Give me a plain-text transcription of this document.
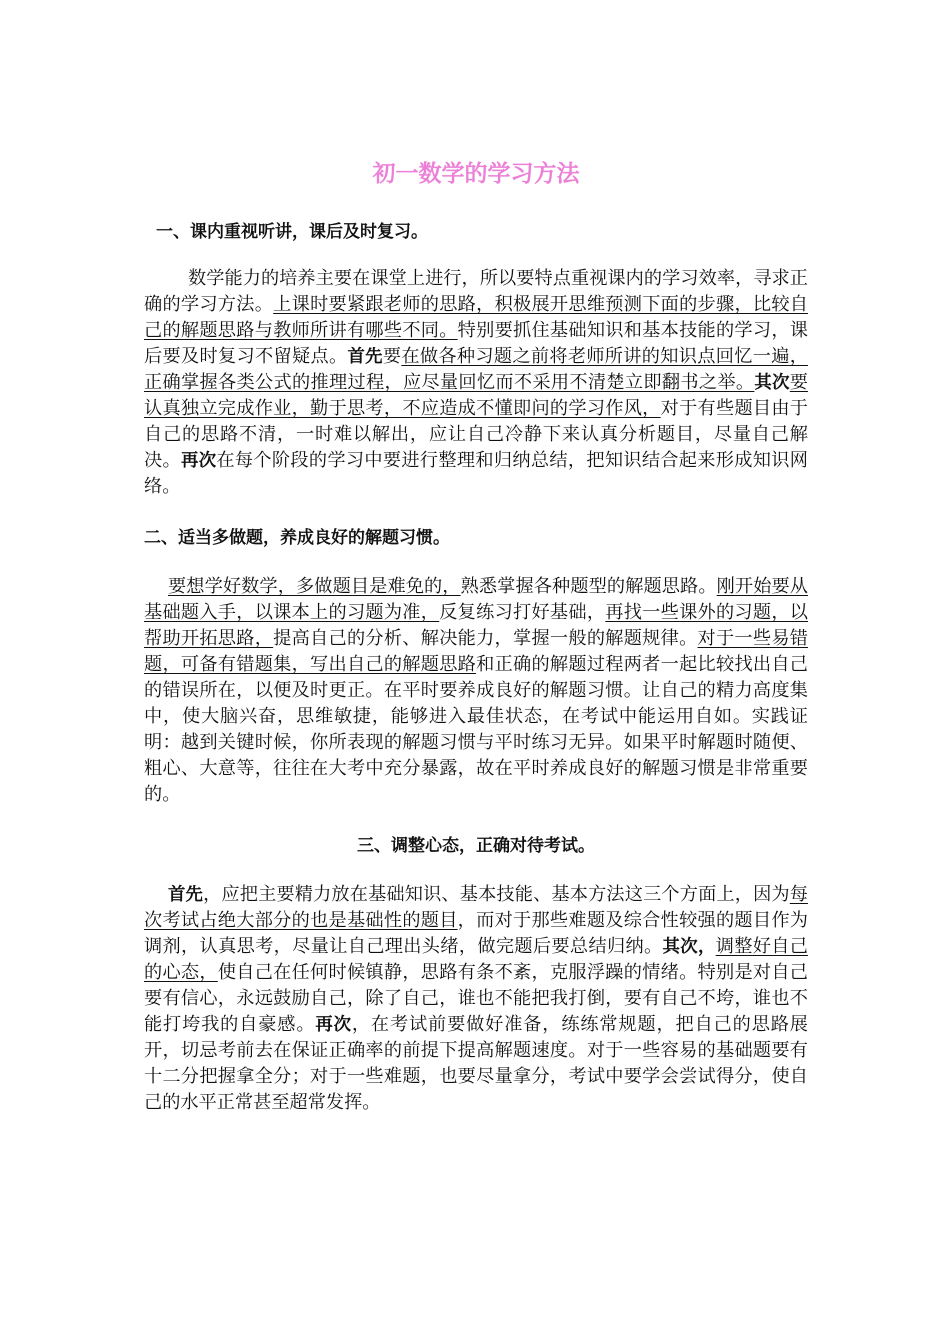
初一数学的学习方法
一、课内重视听讲，课后及时复习。

数学能力的培养主要在课堂上进行，所以要特点重视课内的学习效率，寻求正确的学习方法。上课时要紧跟老师的思路，积极展开思维预测下面的步骤，比较自己的解题思路与教师所讲有哪些不同。特别要抓住基础知识和基本技能的学习，课后要及时复习不留疑点。首先要在做各种习题之前将老师所讲的知识点回忆一遍，正确掌握各类公式的推理过程，应尽量回忆而不采用不清楚立即翻书之举。其次要认真独立完成作业，勤于思考，不应造成不懂即问的学习作风，对于有些题目由于自己的思路不清，一时难以解出，应让自己冷静下来认真分析题目，尽量自己解决。再次在每个阶段的学习中要进行整理和归纳总结，把知识结合起来形成知识网络。

二、适当多做题，养成良好的解题习惯。

要想学好数学，多做题目是难免的，熟悉掌握各种题型的解题思路。刚开始要从基础题入手，以课本上的习题为准，反复练习打好基础，再找一些课外的习题，以帮助开拓思路，提高自己的分析、解决能力，掌握一般的解题规律。对于一些易错题，可备有错题集，写出自己的解题思路和正确的解题过程两者一起比较找出自己的错误所在，以便及时更正。在平时要养成良好的解题习惯。让自己的精力高度集中，使大脑兴奋，思维敏捷，能够进入最佳状态，在考试中能运用自如。实践证明：越到关键时候，你所表现的解题习惯与平时练习无异。如果平时解题时随便、粗心、大意等，往往在大考中充分暴露，故在平时养成良好的解题习惯是非常重要的。

三、调整心态，正确对待考试。

首先，应把主要精力放在基础知识、基本技能、基本方法这三个方面上，因为每次考试占绝大部分的也是基础性的题目，而对于那些难题及综合性较强的题目作为调剂，认真思考，尽量让自己理出头绪，做完题后要总结归纳。其次，调整好自己的心态，使自己在任何时候镇静，思路有条不紊，克服浮躁的情绪。特别是对自己要有信心，永远鼓励自己，除了自己，谁也不能把我打倒，要有自己不垮，谁也不能打垮我的自豪感。再次，在考试前要做好准备，练练常规题，把自己的思路展开，切忌考前去在保证正确率的前提下提高解题速度。对于一些容易的基础题要有十二分把握拿全分；对于一些难题，也要尽量拿分，考试中要学会尝试得分，使自己的水平正常甚至超常发挥。
